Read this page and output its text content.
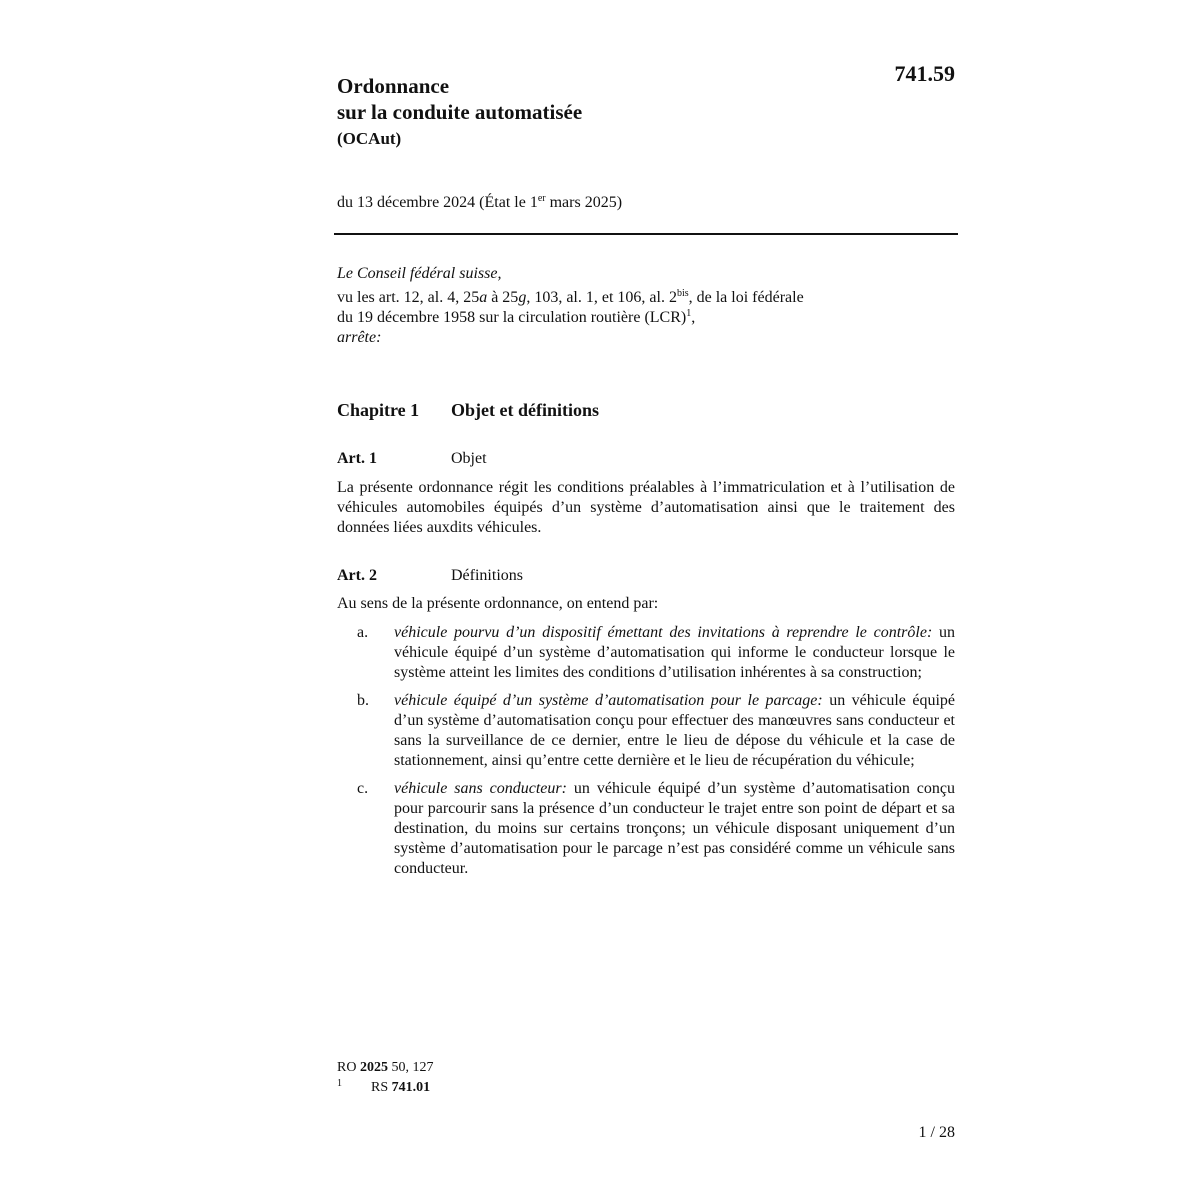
741.59
Ordonnance
sur la conduite automatisée
(OCAut)
du 13 décembre 2024 (État le 1er mars 2025)
Le Conseil fédéral suisse,
vu les art. 12, al. 4, 25a à 25g, 103, al. 1, et 106, al. $2^{bis}$, de la loi fédérale
du 19 décembre 1958 sur la circulation routière (LCR)$^1$,
arrête:
Chapitre 1 Objet et définitions
Art. 1	Objet
La présente ordonnance régit les conditions préalables à l’immatriculation et à l’utilisation de véhicules automobiles équipés d’un système d’automatisation ainsi que le traitement des données liées auxdits véhicules.
Art. 2	Définitions
Au sens de la présente ordonnance, on entend par:
a. véhicule pourvu d’un dispositif émettant des invitations à reprendre le contrôle: un véhicule équipé d’un système d’automatisation qui informe le conducteur lorsque le système atteint les limites des conditions d’utilisation inhérentes à sa construction;
b. véhicule équipé d’un système d’automatisation pour le parcage: un véhicule équipé d’un système d’automatisation conçu pour effectuer des manœuvres sans conducteur et sans la surveillance de ce dernier, entre le lieu de dépose du véhicule et la case de stationnement, ainsi qu’entre cette dernière et le lieu de récupération du véhicule;
c. véhicule sans conducteur: un véhicule équipé d’un système d’automatisation conçu pour parcourir sans la présence d’un conducteur le trajet entre son point de départ et sa destination, du moins sur certains tronçons; un véhicule disposant uniquement d’un système d’automatisation pour le parcage n’est pas considéré comme un véhicule sans conducteur.
RO 2025 50, 127
1 RS 741.01
1 / 28
